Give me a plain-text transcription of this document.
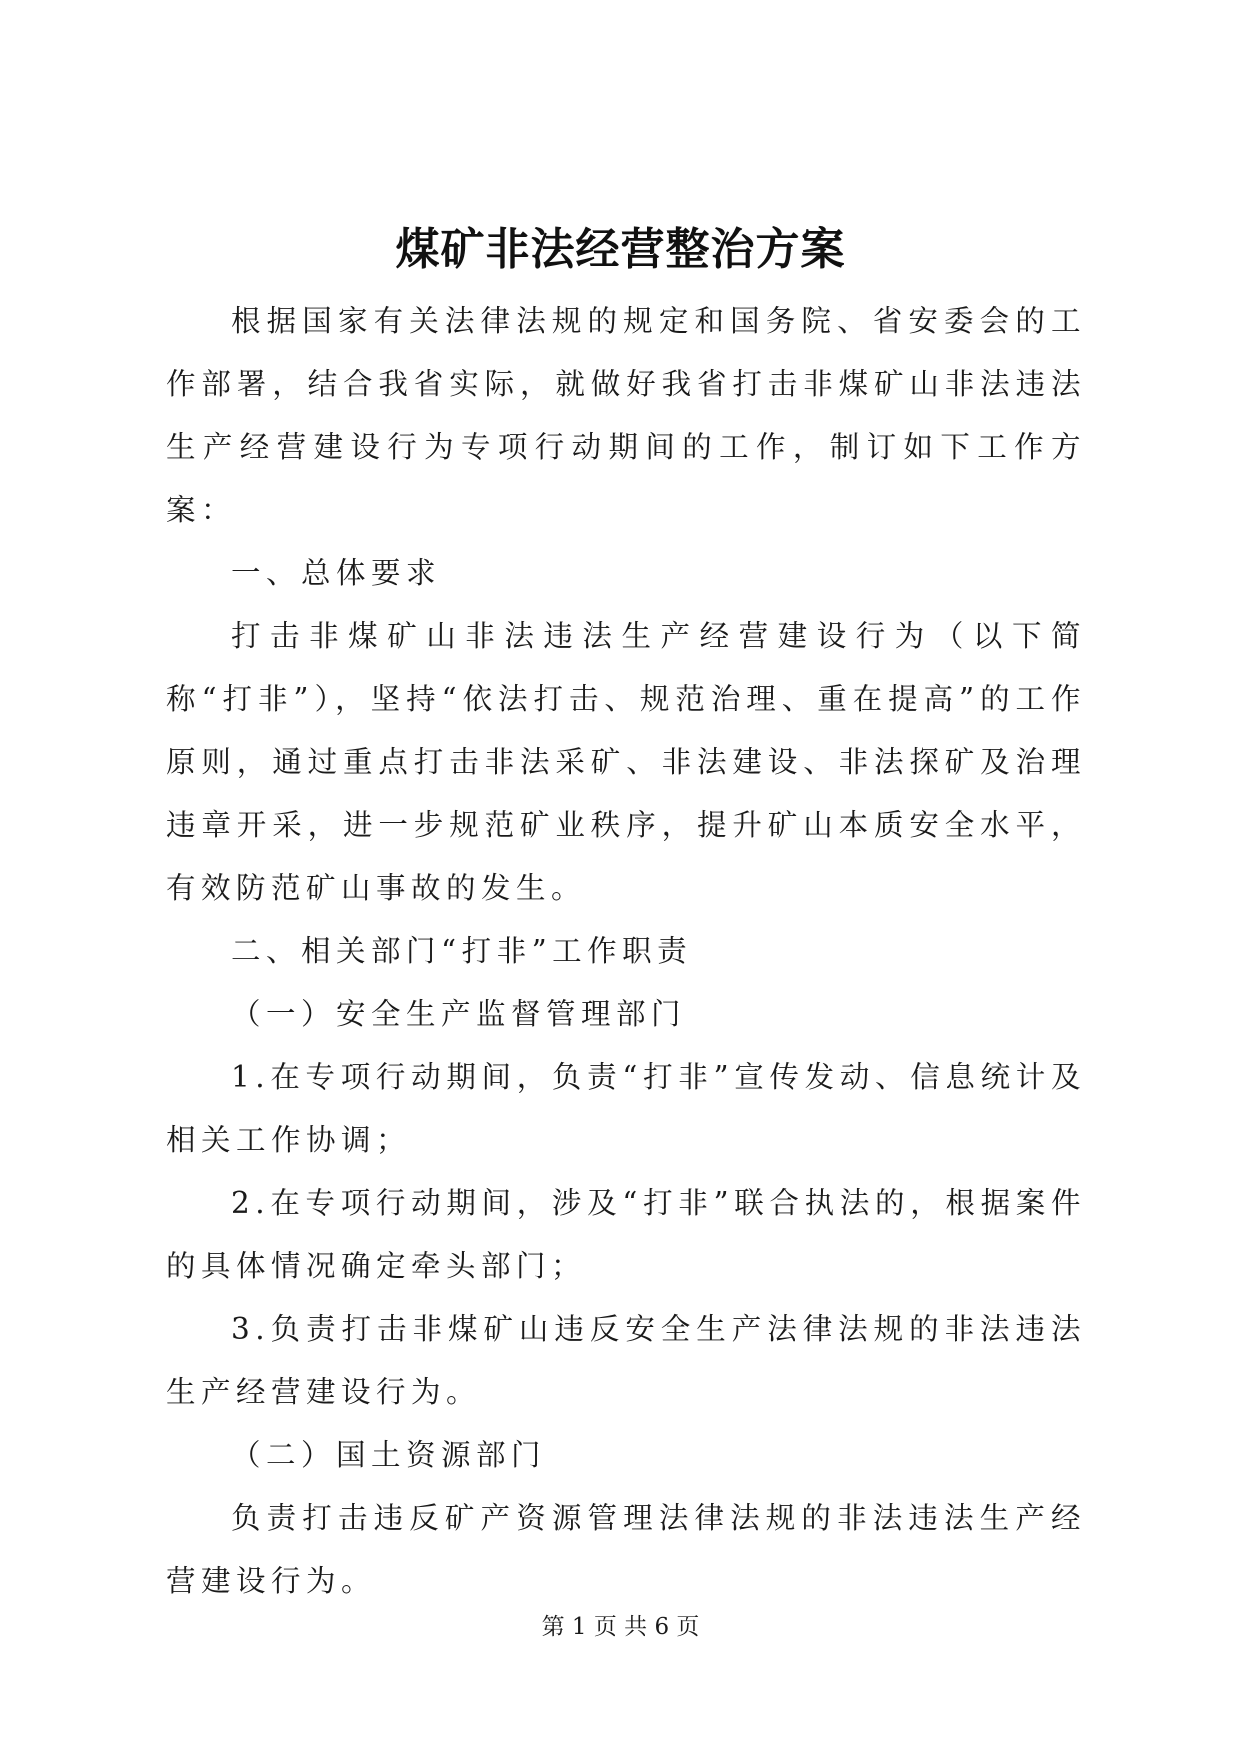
煤矿非法经营整治方案

根据国家有关法律法规的规定和国务院、省安委会的工作部署，结合我省实际，就做好我省打击非煤矿山非法违法生产经营建设行为专项行动期间的工作，制订如下工作方案：

一、总体要求

打击非煤矿山非法违法生产经营建设行为（以下简称“打非”），坚持“依法打击、规范治理、重在提高”的工作原则，通过重点打击非法采矿、非法建设、非法探矿及治理违章开采，进一步规范矿业秩序，提升矿山本质安全水平，有效防范矿山事故的发生。

二、相关部门“打非”工作职责

（一）安全生产监督管理部门

1.在专项行动期间，负责“打非”宣传发动、信息统计及相关工作协调；

2.在专项行动期间，涉及“打非”联合执法的，根据案件的具体情况确定牵头部门；

3.负责打击非煤矿山违反安全生产法律法规的非法违法生产经营建设行为。

（二）国土资源部门

负责打击违反矿产资源管理法律法规的非法违法生产经营建设行为。

第 1 页 共 6 页
